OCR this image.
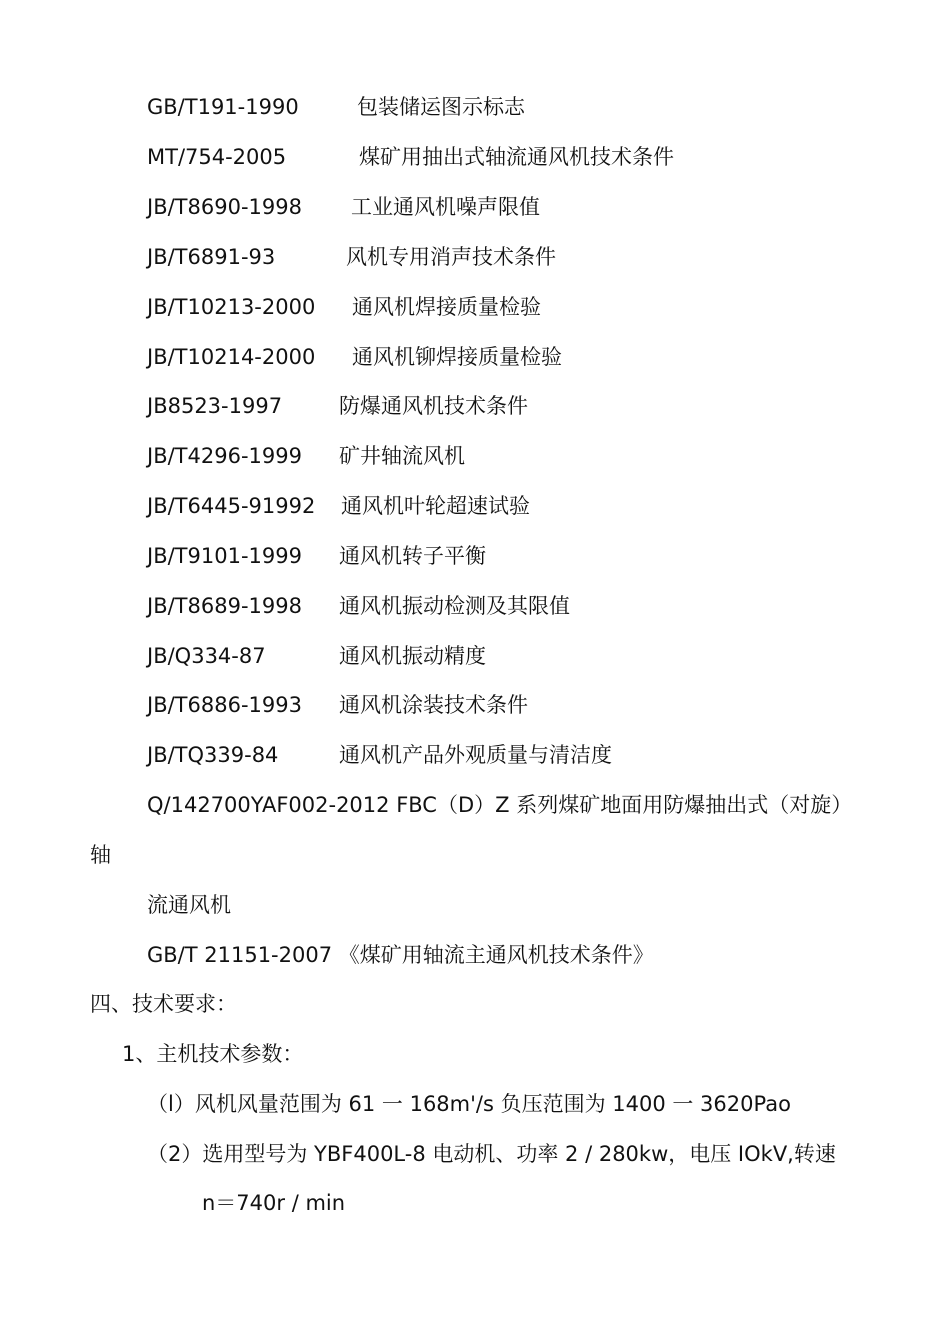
GB/T191-1990	包装储运图示标志
MT/754-2005	煤矿用抽出式轴流通风机技术条件
JB/T8690-1998 工业通风机噪声限值
JB/T6891-93	风机专用消声技术条件
JB/T10213-2000 通风机焊接质量检验
JB/T10214-2000 通风机铆焊接质量检验
JB8523-1997	防爆通风机技术条件
JB/T4296-1999 矿井轴流风机
JB/T6445-91992 通风机叶轮超速试验
JB/T9101-1999 通风机转子平衡
JB/T8689-1998 通风机振动检测及其限值
JB/Q334-87	通风机振动精度
JB/T6886-1993 通风机涂装技术条件
JB/TQ339-84	通风机产品外观质量与清洁度
Q/142700YAF002-2012 FBC（D）Z 系列煤矿地面用防爆抽出式（对旋）
轴
流通风机
GB/T 21151-2007 《煤矿用轴流主通风机技术条件》
四、技术要求：
1、主机技术参数：
（l）风机风量范围为 61 一 168m'/s 负压范围为 1400 一 3620Pao
（2）选用型号为 YBF400L-8 电动机、功率 2 / 280kw，电压 IOkV,转速
n＝740r / min
